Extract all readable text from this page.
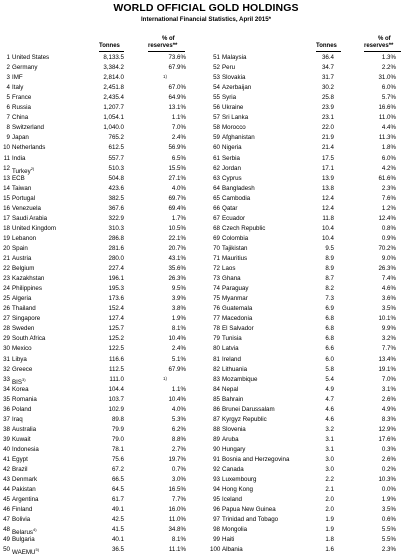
WORLD OFFICIAL GOLD HOLDINGS
International Financial Statistics, April 2015*
Tonnes
% of
reserves**	Tonnes
% of
reserves**
1 United States	8,133.5	73.6%
2 Germany	3,384.2	67.9%
3 IMF	2,814.0	1)
4 Italy	2,451.8	67.0%
5 France	2,435.4	64.9%
6 Russia	1,207.7	13.1%
7 China	1,054.1	1.1%
8 Switzerland	1,040.0	7.0%
9 Japan	765.2	2.4%
10 Netherlands	612.5	56.9%
11 India	557.7	6.5%
12 Turkey$^{2)}$	510.3	15.5%
13 ECB	504.8	27.1%
14 Taiwan	423.6	4.0%
15 Portugal	382.5	69.7%
16 Venezuela	367.6	69.4%
17 Saudi Arabia	322.9	1.7%
18 United Kingdom	310.3	10.5%
19 Lebanon	286.8	22.1%
20 Spain	281.6	20.7%
21 Austria	280.0	43.1%
22 Belgium	227.4	35.6%
23 Kazakhstan	196.1	26.3%
24 Philippines	195.3	9.5%
25 Algeria	173.6	3.9%
26 Thailand	152.4	3.8%
27 Singapore	127.4	1.9%
28 Sweden	125.7	8.1%
29 South Africa	125.2	10.4%
30 Mexico	122.5	2.4%
31 Libya	116.6	5.1%
32 Greece	112.5	67.9%
33 BIS$^{3)}$	111.0	1)
34 Korea	104.4	1.1%
35 Romania	103.7	10.4%
36 Poland	102.9	4.0%
37 Iraq	89.8	5.3%
38 Australia	79.9	6.2%
39 Kuwait	79.0	8.8%
40 Indonesia	78.1	2.7%
41 Egypt	75.6	19.7%
42 Brazil	67.2	0.7%
43 Denmark	66.5	3.0%
44 Pakistan	64.5	16.5%
45 Argentina	61.7	7.7%
46 Finland	49.1	16.0%
47 Bolivia	42.5	11.0%
48 Belarus$^{4)}$	41.5	34.8%
49 Bulgaria	40.1	8.1%
50 WAEMU$^{5)}$	36.5	11.1%
51 Malaysia	36.4	1.3%
52 Peru	34.7	2.2%
53 Slovakia	31.7	31.0%
54 Azerbaijan	30.2	6.0%
55 Syria	25.8	5.7%
56 Ukraine	23.9	16.6%
57 Sri Lanka	23.1	11.0%
58 Morocco	22.0	4.4%
59 Afghanistan	21.9	11.3%
60 Nigeria	21.4	1.8%
61 Serbia	17.5	6.0%
62 Jordan	17.1	4.2%
63 Cyprus	13.9	61.6%
64 Bangladesh	13.8	2.3%
65 Cambodia	12.4	7.6%
66 Qatar	12.4	1.2%
67 Ecuador	11.8	12.4%
68 Czech Republic	10.4	0.8%
69 Colombia	10.4	0.9%
70 Tajikistan	9.5	70.2%
71 Mauritius	8.9	9.0%
72 Laos	8.9	26.3%
73 Ghana	8.7	7.4%
74 Paraguay	8.2	4.6%
75 Myanmar	7.3	3.6%
76 Guatemala	6.9	3.5%
77 Macedonia	6.8	10.1%
78 El Salvador	6.8	9.9%
79 Tunisia	6.8	3.2%
80 Latvia	6.6	7.7%
81 Ireland	6.0	13.4%
82 Lithuania	5.8	19.1%
83 Mozambique	5.4	7.0%
84 Nepal	4.9	3.1%
85 Bahrain	4.7	2.6%
86 Brunei Darussalam	4.6	4.9%
87 Kyrgyz Republic	4.6	8.3%
88 Slovenia	3.2	12.9%
89 Aruba	3.1	17.6%
90 Hungary	3.1	0.3%
91 Bosnia and Herzegovina	3.0	2.6%
92 Canada	3.0	0.2%
93 Luxembourg	2.2	10.3%
94 Hong Kong	2.1	0.0%
95 Iceland	2.0	1.9%
96 Papua New Guinea	2.0	3.5%
97 Trinidad and Tobago	1.9	0.6%
98 Mongolia	1.9	5.5%
99 Haiti	1.8	5.5%
100 Albania	1.6	2.3%
